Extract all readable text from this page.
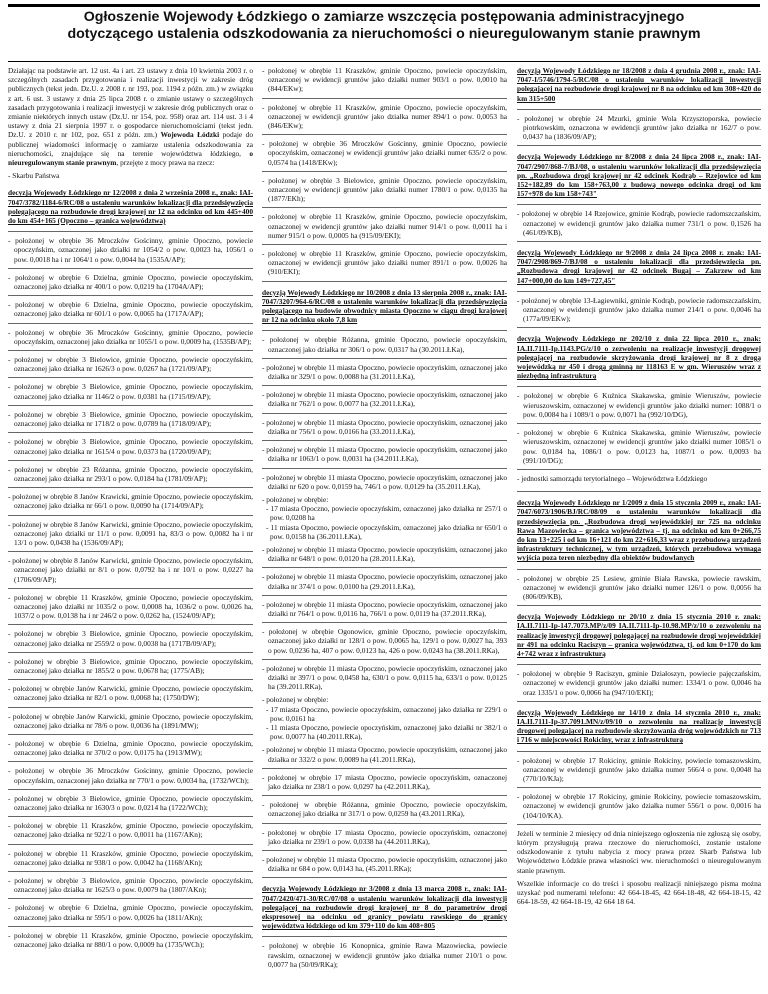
Ogłoszenie Wojewody Łódzkiego o zamiarze wszczęcia postępowania administracyjnego
dotyczącego ustalenia odszkodowania za nieruchomości o nieuregulowanym stanie prawnym
Działając na podstawie art. 12 ust. 4a i art. 23 ustawy z dnia 10 kwietnia 2003 r. o szczególnych zasadach przygotowania i realizacji inwestycji w zakresie dróg publicznych (tekst jedn. Dz.U. z 2008 r. nr 193, poz. 1194 z późn. zm.) w związku z art. 6 ust. 3 ustawy z dnia 25 lipca 2008 r. o zmianie ustawy o szczególnych zasadach przygotowania i realizacji inwestycji w zakresie dróg publicznych oraz o zmianie niektórych innych ustaw (Dz.U. nr 154, poz. 958) oraz art. 114 ust. 3 i 4 ustawy z dnia 21 sierpnia 1997 r. o gospodarce nieruchomościami (tekst jedn. Dz.U. z 2010 r. nr 102, poz. 651 z późn. zm.) Wojewoda Łódzki podaje do publicznej wiadomości informację o zamiarze ustalenia odszkodowania za nieruchomości, znajdujące się na terenie województwa łódzkiego, o nieuregulowanym stanie prawnym, przejęte z mocy prawa na rzecz:
- Skarbu Państwa
decyzją Wojewody Łódzkiego nr 12/2008 z dnia 2 września 2008 r., znak: IAI-7047/3782/1184-6/RC/08 o ustaleniu warunków lokalizacji dla przedsięwzięcia polegającego na rozbudowie drogi krajowej nr 12 na odcinku od km 445+400 do km 454+165 (Opoczno – granica województwa)
- położonej w obrębie 36 Mroczków Gościnny, gminie Opoczno, powiecie opoczyńskim, oznaczonej jako działki nr 1054/2 o pow. 0,0023 ha, 1056/1 o pow. 0,0018 ha i nr 1064/1 o pow. 0,0044 ha (1535A/AP);
- położonej w obrębie 6 Dzielna, gminie Opoczno, powiecie opoczyńskim, oznaczonej jako działka nr 400/1 o pow. 0,0219 ha (1704A/AP);
- położonej w obrębie 6 Dzielna, gminie Opoczno, powiecie opoczyńskim, oznaczonej jako działka nr 601/1 o pow. 0,0065 ha (1717A/AP);
- położonej w obrębie 36 Mroczków Gościnny, gminie Opoczno, powiecie opoczyńskim, oznaczonej jako działka nr 1055/1 o pow. 0,0009 ha, (1535B/AP);
- położonej w obrębie 3 Bielowice, gminie Opoczno, powiecie opoczyńskim, oznaczonej jako działka nr 1626/3 o pow. 0,0267 ha (1721/09/AP);
- położonej w obrębie 3 Bielowice, gminie Opoczno, powiecie opoczyńskim, oznaczonej jako działka nr 1146/2 o pow. 0,0381 ha (1715/09/AP);
- położonej w obrębie 3 Bielowice, gminie Opoczno, powiecie opoczyńskim, oznaczonej jako działka nr 1718/2 o pow. 0,0789 ha (1718/09/AP);
- położonej w obrębie 3 Bielowice, gminie Opoczno, powiecie opoczyńskim, oznaczonej jako działka nr 1615/4 o pow. 0,0373 ha (1720/09/AP);
- położonej w obrębie 23 Różanna, gminie Opoczno, powiecie opoczyńskim, oznaczonej jako działka nr 293/1 o pow. 0,0184 ha (1781/09/AP);
- położonej w obrębie 8 Janów Krawicki, gminie Opoczno, powiecie opoczyńskim, oznaczonej jako działka nr 66/1 o pow. 0,0090 ha (1714/09/AP);
- położonej w obrębie 8 Janów Karwicki, gminie Opoczno, powiecie opoczyńskim, oznaczonej jako działki nr 11/1 o pow. 0,0091 ha, 83/3 o pow. 0,0082 ha i nr 13/1 o pow. 0,0438 ha (1536/09/AP);
- położonej w obrębie 8 Janów Karwicki, gminie Opoczno, powiecie opoczyńskim, oznaczonej jako działki nr 8/1 o pow. 0,0792 ha i nr 10/1 o pow. 0,0227 ha (1706/09/AP);
- położonej w obrębie 11 Kraszków, gminie Opoczno, powiecie opoczyńskim, oznaczonej jako działki nr 1035/2 o pow. 0,0008 ha, 1036/2 o pow. 0,0026 ha, 1037/2 o pow. 0,0138 ha i nr 246/2 o pow. 0,0262 ha, (1524/09/AP);
- położonej w obrębie 3 Bielowice, gminie Opoczno, powiecie opoczyńskim, oznaczonej jako działka nr 2559/2 o pow. 0,0038 ha (1717B/09/AP);
- położonej w obrębie 3 Bielowice, gminie Opoczno, powiecie opoczyńskim, oznaczonej jako działka nr 1855/2 o pow. 0,0678 ha; (1775/AB);
- położonej w obrębie Janów Karwicki, gminie Opoczno, powiecie opoczyńskim, oznaczonej jako działka nr 82/1 o pow. 0,0068 ha; (1750/DW);
- położonej w obrębie Janów Karwicki, gminie Opoczno, powiecie opoczyńskim, oznaczonej jako działka nr 78/6 o pow. 0,0036 ha (1891/MW);
- położonej w obrębie 6 Dzielna, gminie Opoczno, powiecie opoczyńskim, oznaczonej jako działka nr 370/2 o pow. 0,0175 ha (1913/MW);
- położonej w obrębie 36 Mroczków Gościnny, gminie Opoczno, powiecie opoczyńskim, oznaczonej jako działka nr 770/1 o pow. 0,0034 ha, (1732/WCh);
- położonej w obrębie 3 Bielowice, gminie Opoczno, powiecie opoczyńskim, oznaczonej jako działka nr 1630/3 o pow. 0,0214 ha (1722/WCh);
- położonej w obrębie 11 Kraszków, gminie Opoczno, powiecie opoczyńskim, oznaczonej jako działka nr 922/1 o pow. 0,0011 ha (1167/AKn);
- położonej w obrębie 11 Kraszków, gminie Opoczno, powiecie opoczyńskim, oznaczonej jako działka nr 938/1 o pow. 0,0042 ha (1168/AKn);
- położonej w obrębie 3 Bielowice, gminie Opoczno, powiecie opoczyńskim, oznaczonej jako działka nr 1625/3 o pow. 0,0079 ha (1807/AKn);
- położonej w obrębie 6 Dzielna, gminie Opoczno, powiecie opoczyńskim, oznaczonej jako działka nr 595/1 o pow. 0,0026 ha (1811/AKn);
- położonej w obrębie 11 Kraszków, gminie Opoczno, powiecie opoczyńskim, oznaczonej jako działka nr 880/1 o pow. 0,0009 ha (1735/WCh);
- położonej w obrębie 11 Kraszków, gminie Opoczno, powiecie opoczyńskim, oznaczonej w ewidencji gruntów jako działki numer 903/1 o pow. 0,0010 ha (844/EKw);
- położonej w obrębie 11 Kraszków, gminie Opoczno, powiecie opoczyńskim, oznaczonej w ewidencji gruntów jako działka numer 894/1 o pow. 0,0053 ha (846/EKw);
- położonej w obrębie 36 Mroczków Gościnny, gminie Opoczno, powiecie opoczyńskim, oznaczonej w ewidencji gruntów jako działki numer 635/2 o pow. 0,0574 ha (1418/EKw);
- położonej w obrębie 3 Bielowice, gminie Opoczno, powiecie opoczyńskim, oznaczonej w ewidencji gruntów jako działki numer 1780/1 o pow. 0,0135 ha (1877/EKh);
- położonej w obrębie 11 Kraszków, gminie Opoczno, powiecie opoczyńskim, oznaczonej w ewidencji gruntów jako działki numer 914/1 o pow. 0,0011 ha i numer 915/1 o pow. 0,0005 ha (915/09/EKI);
- położonej w obrębie 11 Kraszków, gminie Opoczno, powiecie opoczyńskim, oznaczonej w ewidencji gruntów jako działki numer 891/1 o pow. 0,0026 ha (910/EKI);
decyzją Wojewody Łódzkiego nr 10/2008 z dnia 13 sierpnia 2008 r., znak: IAI-7047/3207/964-6/RC/08 o ustaleniu warunków lokalizacji dla przedsięwzięcia polegającego na budowie obwodnicy miasta Opoczno w ciągu drogi krajowej nr 12 na odcinku około 7,8 km
- położonej w obrębie Różanna, gminie Opoczno, powiecie opoczyńskim, oznaczonej jako działka nr 306/1 o pow. 0,0317 ha (30.2011.ŁKa),
- położonej w obrębie 11 miasta Opoczno, powiecie opoczyńskim, oznaczonej jako działka nr 329/1 o pow. 0,0088 ha (31.2011.ŁKa),
- położonej w obrębie 11 miasta Opoczno, powiecie opoczyńskim, oznaczonej jako działka nr 762/1 o pow. 0,0077 ha (32.2011.ŁKa),
- położonej w obrębie 11 miasta Opoczno, powiecie opoczyńskim, oznaczonej jako działka nr 756/1 o pow. 0,0166 ha (33.2011.ŁKa),
- położonej w obrębie 11 miasta Opoczno, powiecie opoczyńskim, oznaczonej jako działka nr 1063/1 o pow. 0,0031 ha (34.2011.ŁKa),
- położonej w obrębie 11 miasta Opoczno, powiecie opoczyńskim, oznaczonej jako działki nr 620 o pow. 0,0159 ha, 746/1 o pow. 0,0129 ha (35.2011.ŁKa),
- położonej w obrębie:
- 17 miasta Opoczno, powiecie opoczyńskim, oznaczonej jako działka nr 257/1 o pow. 0,0208 ha
- 11 miasta Opoczno, powiecie opoczyńskim, oznaczonej jako działka nr 650/1 o pow. 0,0158 ha (36.2011.ŁKa),
- położonej w obrębie 11 miasta Opoczno, powiecie opoczyńskim, oznaczonej jako działka nr 648/1 o pow. 0,0120 ha (28.2011.ŁKa),
- położonej w obrębie 11 miasta Opoczno, powiecie opoczyńskim, oznaczonej jako działka nr 374/1 o pow. 0,0100 ha (29.2011.ŁKa),
- położonej w obrębie 11 miasta Opoczno, powiecie opoczyńskim, oznaczonej jako działki nr 764/1 o pow. 0,0116 ha, 766/1 o pow. 0,0119 ha (37.2011.RKa),
- położonej w obrębie Ogonowice, gminie Opoczno, powiecie opoczyńskim, oznaczonej jako działki nr 128/1 o pow. 0,0065 ha, 129/1 o pow. 0,0027 ha, 393 o pow. 0,0236 ha, 407 o pow. 0,0123 ha, 426 o pow. 0,0243 ha (38.2011.RKa),
- położonej w obrębie 11 miasta Opoczno, powiecie opoczyńskim, oznaczonej jako działki nr 397/1 o pow. 0,0458 ha, 630/1 o pow. 0,0115 ha, 633/1 o pow. 0,0125 ha (39.2011.RKa),
- położonej w obrębie:
- 17 miasta Opoczno, powiecie opoczyńskim, oznaczonej jako działka nr 229/1 o pow. 0,0161 ha
- 11 miasta Opoczno, powiecie opoczyńskim, oznaczonej jako działki nr 382/1 o pow. 0,0077 ha (40.2011.RKa),
- położonej w obrębie 11 miasta Opoczno, powiecie opoczyńskim, oznaczonej jako działka nr 332/2 o pow. 0,0089 ha (41.2011.RKa),
- położonej w obrębie 17 miasta Opoczno, powiecie opoczyńskim, oznaczonej jako działka nr 238/1 o pow. 0,0297 ha (42.2011.RKa),
- położonej w obrębie Różanna, gminie Opoczno, powiecie opoczyńskim, oznaczonej jako działka nr 317/1 o pow. 0,0259 ha (43.2011.RKa),
- położonej w obrębie 17 miasta Opoczno, powiecie opoczyńskim, oznaczonej jako działka nr 239/1 o pow. 0,0338 ha (44.2011.RKa),
- położonej w obrębie 11 miasta Opoczno, powiecie opoczyńskim, oznaczonej jako działka nr 684 o pow. 0,0143 ha, (45.2011.RKa);
decyzją Wojewody Łódzkiego nr 3/2008 z dnia 13 marca 2008 r., znak: IAI-7047/2420/471-30/RC/07/08 o ustaleniu warunków lokalizacji dla inwestycji polegającej na rozbudowie drogi krajowej nr 8 do parametrów drogi ekspresowej na odcinku od granicy powiatu rawskiego do granicy województwa łódzkiego od km 379+110 do km 408+805
- położonej w obrębie 16 Konopnica, gminie Rawa Mazowiecka, powiecie rawskim, oznaczonej w ewidencji gruntów jako działka numer 210/1 o pow. 0,0077 ha (50/09/RKa);
decyzją Wojewody Łódzkiego nr 18/2008 z dnia 4 grudnia 2008 r., znak: IAI-7047-I/5746/1794-5/RC/08 o ustaleniu warunków lokalizacji inwestycji polegającej na rozbudowie drogi krajowej nr 8 na odcinku od km 308+420 do km 315+500
- położonej w obrębie 24 Mzurki, gminie Wola Krzysztoporska, powiecie piotrkowskim, oznaczona w ewidencji gruntów jako działka nr 162/7 o pow. 0,0437 ha (1836/09/AP);
decyzją Wojewody Łódzkiego nr 8/2008 z dnia 24 lipca 2008 r., znak: IAI-7047/2907/868-7/BJ/08, o ustaleniu warunków lokalizacji dla przedsięwzięcia pn. „Rozbudowa drogi krajowej nr 42 odcinek Kodrąb – Rzejowice od km 152+182,89 do km 158+763,00 z budową nowego odcinka drogi od km 157+978 do km 158+743"
- położonej w obrębie 14 Rzejowice, gminie Kodrąb, powiecie radomszczańskim, oznaczonej w ewidencji gruntów jako działka numer 731/1 o pow. 0,1526 ha (461/09/KB),
decyzją Wojewody Łódzkiego nr 9/2008 z dnia 24 lipca 2008 r. znak: IAI-7047/2908/869-7/BJ/08 o ustaleniu lokalizacji dla przedsięwzięcia pn. „Rozbudowa drogi krajowej nr 42 odcinek Bugaj – Zakrzew od km 147+000,00 do km 149+727,45"
- położonej w obrębie 13-Łagiewniki, gminie Kodrąb, powiecie radomszczańskim, oznaczonej w ewidencji gruntów jako działka numer 214/1 o pow. 0,0046 ha (177a/09/EKw);
decyzją Wojewody Łódzkiego nr 202/10 z dnia 22 lipca 2010 r., znak: IA.II.7111-Ip.1143.PG/z/10 o zezwoleniu na realizację inwestycji drogowej polegającej na rozbudowie skrzyżowania drogi krajowej nr 8 z drogą wojewódzką nr 450 i drogą gminną nr 118163 E w gm. Wieruszów wraz z niezbędną infrastrukturą
- położonej w obrębie 6 Kuźnica Skakawska, gminie Wieruszów, powiecie wieruszowskim, oznaczonej w ewidencji gruntów jako działki numer: 1088/1 o pow. 0,0084 ha i 1089/1 o pow. 0,0071 ha (992/10/DG),
- położonej w obrębie 6 Kuźnica Skakawska, gminie Wieruszów, powiecie wieruszowskim, oznaczonej w ewidencji gruntów jako działki numer 1085/1 o pow. 0,0184 ha, 1086/1 o pow. 0,0123 ha, 1087/1 o pow. 0,0093 ha (991/10/DG);
- jednostki samorządu terytorialnego – Województwa Łódzkiego
decyzją Wojewody Łódzkiego nr 1/2009 z dnia 15 stycznia 2009 r., znak: IAI-7047/6073/1906/BJ/RC/08/09 o ustaleniu warunków lokalizacji dla przedsięwzięcia pn. „Rozbudowa drogi wojewódzkiej nr 725 na odcinku Rawa Mazowiecka – granica województwa – tj. na odcinku od km 0+266,75 do km 13+225 i od km 16+121 do km 22+616,33 wraz z przebudową urządzeń infrastruktury technicznej, w tym urządzeń, których przebudowa wymaga wyjścia poza teren niezbędny dla obiektów budowlanych
- położonej w obrębie 25 Lesiew, gminie Biała Rawska, powiecie rawskim, oznaczonej w ewidencji gruntów jako działki numer 126/1 o pow. 0,0056 ha (806/09/KB),
decyzją Wojewody Łódzkiego nr 20/10 z dnia 15 stycznia 2010 r. znak: IA.II.7111-Ip-147.7073.MP/z/09 IA.II.7111-Ip-10.98.MP/z/10 o zezwoleniu na realizację inwestycji drogowej polegającej na rozbudowie drogi wojewódzkiej nr 491 na odcinku Raciszyn – granica województwa, tj. od km 0+170 do km 4+742 wraz z infrastrukturą
- położonej w obrębie 9 Raciszyn, gminie Działoszyn, powiecie pajęczańskim, oznaczonej w ewidencji gruntów jako działki numer: 1334/1 o pow. 0,0046 ha oraz 1335/1 o pow. 0,0066 ha (947/10/EKI);
decyzją Wojewody Łódzkiego nr 14/10 z dnia 14 stycznia 2010 r., znak: IA.II.7111-Ip-37.7091.MN/z/09/10 o zezwoleniu na realizację inwestycji drogowej polegającej na rozbudowie skrzyżowania dróg wojewódzkich nr 713 i 716 w miejscowości Rokiciny, wraz z infrastrukturą
- położonej w obrębie 17 Rokiciny, gminie Rokiciny, powiecie tomaszowskim, oznaczonej w ewidencji gruntów jako działka numer 566/4 o pow. 0,0048 ha (770/10/KJa);
- położonej w obrębie 17 Rokiciny, gminie Rokiciny, powiecie tomaszowskim, oznaczonej w ewidencji gruntów jako działka numer 556/1 o pow. 0,0016 ha (104/10/KA).
Jeżeli w terminie 2 miesięcy od dnia niniejszego ogłoszenia nie zgłoszą się osoby, którym przysługują prawa rzeczowe do nieruchomości, zostanie ustalone odszkodowanie z tytułu nabycia z mocy prawa przez Skarb Państwa lub Województwo Łódzkie prawa własności ww. nieruchomości o nieuregulowanym stanie prawnym.
Wszelkie informacje co do treści i sposobu realizacji niniejszego pisma można uzyskać pod numerami telefonu: 42 664-18-45, 42 664-18-48, 42 664-18-15, 42 664-18-59, 42 664-18-19, 42 664 18 64.
